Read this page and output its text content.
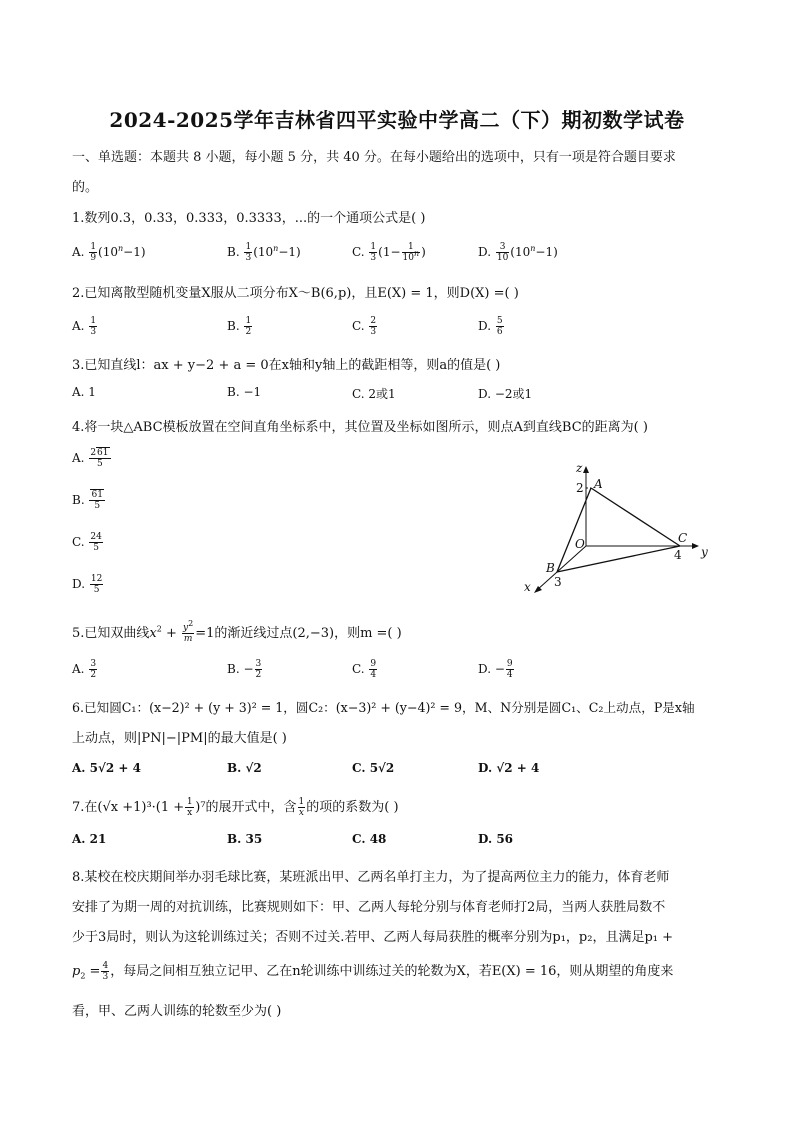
2024-2025学年吉林省四平实验中学高二（下）期初数学试卷
一、单选题：本题共 8 小题，每小题 5 分，共 40 分。在每小题给出的选项中，只有一项是符合题目要求
的。
1.数列0.3，0.33，0.333，0.3333，...的一个通项公式是( )
A. $\frac{1}{9} (10^n-1)$	B. $\frac{1}{3} (10^n-1)$	C. $\frac{1}{3} (1- \frac{1}{10^n}$ )	D. $\frac{3}{10} (10^n-1)$
2.已知离散型随机变量X服从二项分布X～B(6,p)，且E(X) = 1，则D(X) =( )
A. $\frac{1}{3}$	B. $\frac{1}{2}$	C. $\frac{2}{3}$	D. $\frac{5}{6}$
3.已知直线l：ax + y−2 + a = 0在x轴和y轴上的截距相等，则a的值是( )
A. 1	B. −1	C. 2或1	D. −2或1
4.将一块△ABC模板放置在空间直角坐标系中，其位置及坐标如图所示，则点A到直线BC的距离为( )
A. $\frac{261}{5}$
B. $\frac{61}{5}$
C. $\frac{24}{5}$
D. $\frac{12}{5}$
z
y
x
A
2
O	C
4
B
3
5.已知双曲线$x^2 + \frac{y^2}{m} =1$的渐近线过点(2,−3)，则m =( )
A. $\frac{3}{2}$	B. − $\frac{3}{2}$	C. $\frac{9}{4}$	D. − $\frac{9}{4}$
6.已知圆C₁：(x−2)² + (y + 3)² = 1，圆C₂：(x−3)² + (y−4)² = 9，M、N分别是圆C₁、C₂上动点，P是x轴
上动点，则|PN|−|PM|的最大值是( )
A. 5√2 + 4	B. √2	C. 5√2	D. √2 + 4
7.在$(√x +1)^3\cdot(1 + \frac{1}{x} )^7$的展开式中，含 $\frac{1}{x}$ 的项的系数为( )
A. 21	B. 35	C. 48	D. 56
8.某校在校庆期间举办羽毛球比赛，某班派出甲、乙两名单打主力，为了提高两位主力的能力，体育老师
安排了为期一周的对抗训练，比赛规则如下：甲、乙两人每轮分别与体育老师打2局，当两人获胜局数不
少于3局时，则认为这轮训练过关；否则不过关.若甲、乙两人每局获胜的概率分别为p₁，p₂，且满足p₁ +
$p_2 = \frac{4}{3}$ ，每局之间相互独立记甲、乙在n轮训练中训练过关的轮数为X，若E(X) = 16，则从期望的角度来
看，甲、乙两人训练的轮数至少为( )
